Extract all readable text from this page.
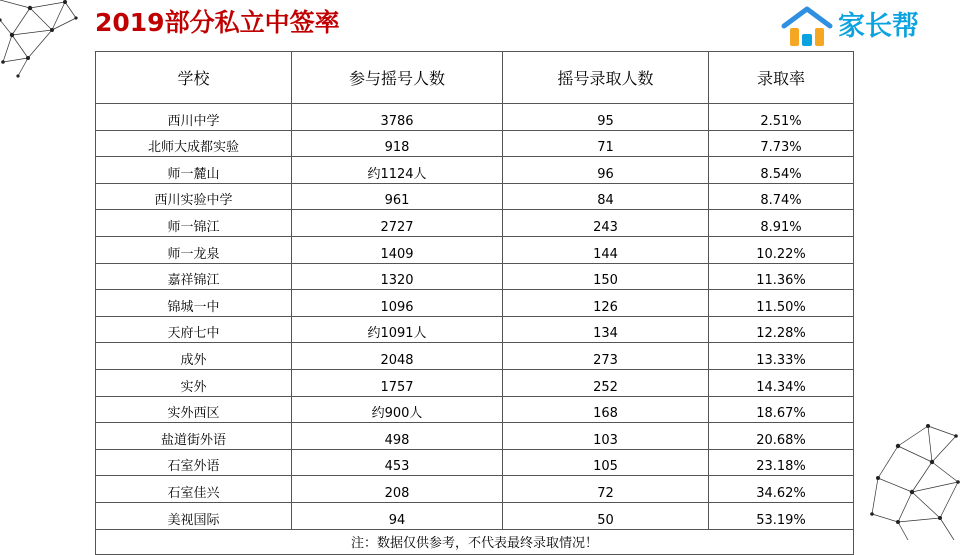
2019部分私立中签率	家长帮
学校	参与摇号人数	摇号录取人数	录取率
西川中学	3786	95	2.51%
北师大成都实验	918	71	7.73%
师一麓山	约1124人	96	8.54%
西川实验中学	961	84	8.74%
师一锦江	2727	243	8.91%
师一龙泉	1409	144	10.22%
嘉祥锦江	1320	150	11.36%
锦城一中	1096	126	11.50%
天府七中	约1091人	134	12.28%
成外	2048	273	13.33%
实外	1757	252	14.34%
实外西区	约900人	168	18.67%
盐道街外语	498	103	20.68%
石室外语	453	105	23.18%
石室佳兴	208	72	34.62%
美视国际	94	50	53.19%
注：数据仅供参考，不代表最终录取情况！			
